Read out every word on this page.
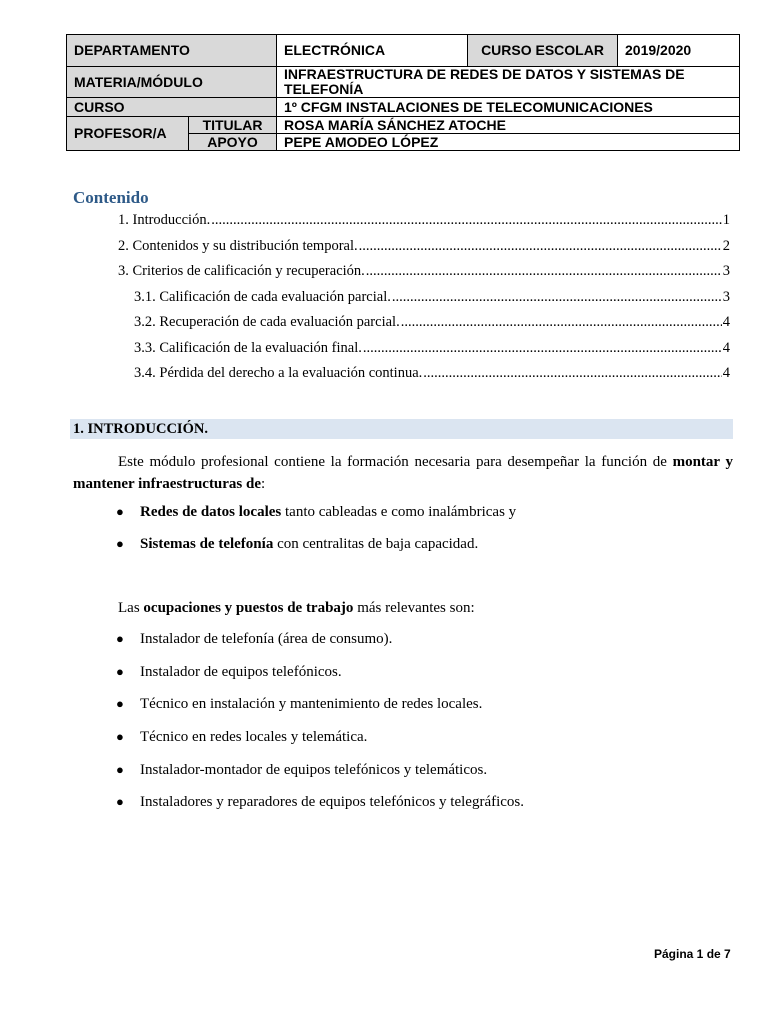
DEPARTAMENTO		ELECTRÓNICA	CURSO ESCOLAR	2019/2020
MATERIA/MÓDULO		INFRAESTRUCTURA DE REDES DE DATOS Y SISTEMAS DE TELEFONÍA		
CURSO		1º CFGM INSTALACIONES DE TELECOMUNICACIONES		
PROFESOR/A	TITULAR	ROSA MARÍA SÁNCHEZ ATOCHE		
	APOYO	PEPE AMODEO LÓPEZ		
Contenido
1. Introducción. .....	1
2. Contenidos y su distribución temporal. .....	2
3. Criterios de calificación y recuperación. .....	3
3.1. Calificación de cada evaluación parcial. .....	3
3.2. Recuperación de cada evaluación parcial. .....	4
3.3. Calificación de la evaluación final. .....	4
3.4. Pérdida del derecho a la evaluación continua. .....	4
1. INTRODUCCIÓN.
Este módulo profesional contiene la formación necesaria para desempeñar la función de montar y mantener infraestructuras de:
● Redes de datos locales tanto cableadas e como inalámbricas y
● Sistemas de telefonía con centralitas de baja capacidad.
Las ocupaciones y puestos de trabajo más relevantes son:
● Instalador de telefonía (área de consumo).
● Instalador de equipos telefónicos.
● Técnico en instalación y mantenimiento de redes locales.
● Técnico en redes locales y telemática.
● Instalador-montador de equipos telefónicos y telemáticos.
● Instaladores y reparadores de equipos telefónicos y telegráficos.
Página 1 de 7
